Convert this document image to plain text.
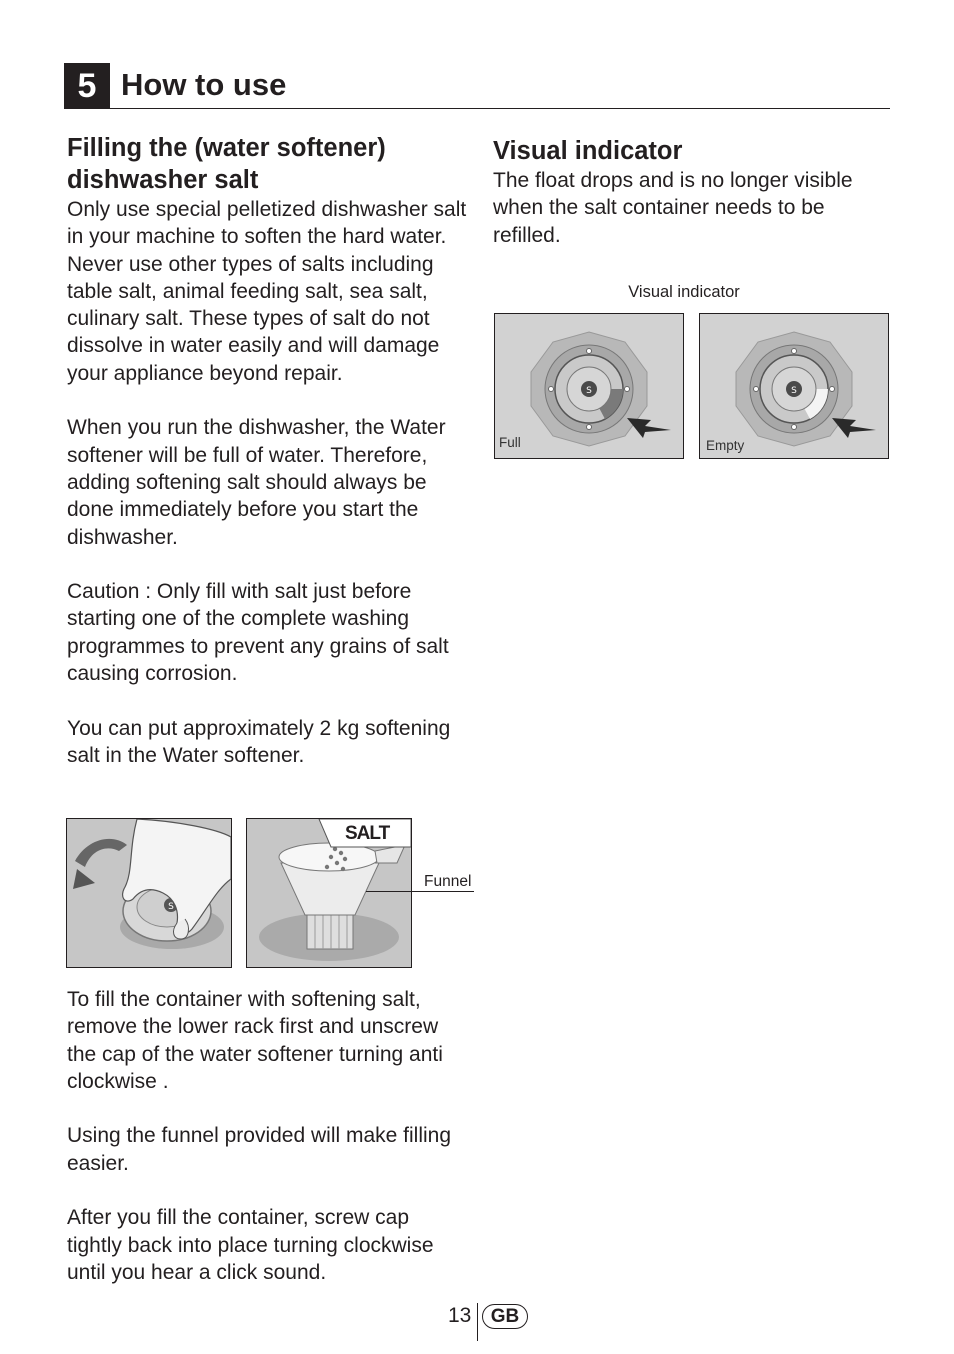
5 How to use
Filling the (water softener)
dishwasher salt

Only use special pelletized dishwasher salt in your machine to soften the hard water. Never use other types of salts including table salt, animal feeding salt, sea salt, culinary salt. These types of salt do not dissolve in water easily and will damage your appliance beyond repair.

When you run the dishwasher, the Water softener will be full of water. Therefore, adding softening salt should always be done immediately before you start the dishwasher.

Caution : Only fill with salt just before starting one of the complete washing programmes to prevent any grains of salt causing corrosion.

You can put approximately 2 kg softening salt in the Water softener.

S
SALT
Funnel

To fill the container with softening salt, remove the lower rack first and unscrew the cap of the water softener turning anti clockwise .

Using the funnel provided will make filling easier.

After you fill the container, screw cap tightly back into place turning clockwise until you hear a click sound.

Visual indicator
The float drops and is no longer visible when the salt container needs to be refilled.
Visual indicator
S
Full
S
Empty
13	GB
